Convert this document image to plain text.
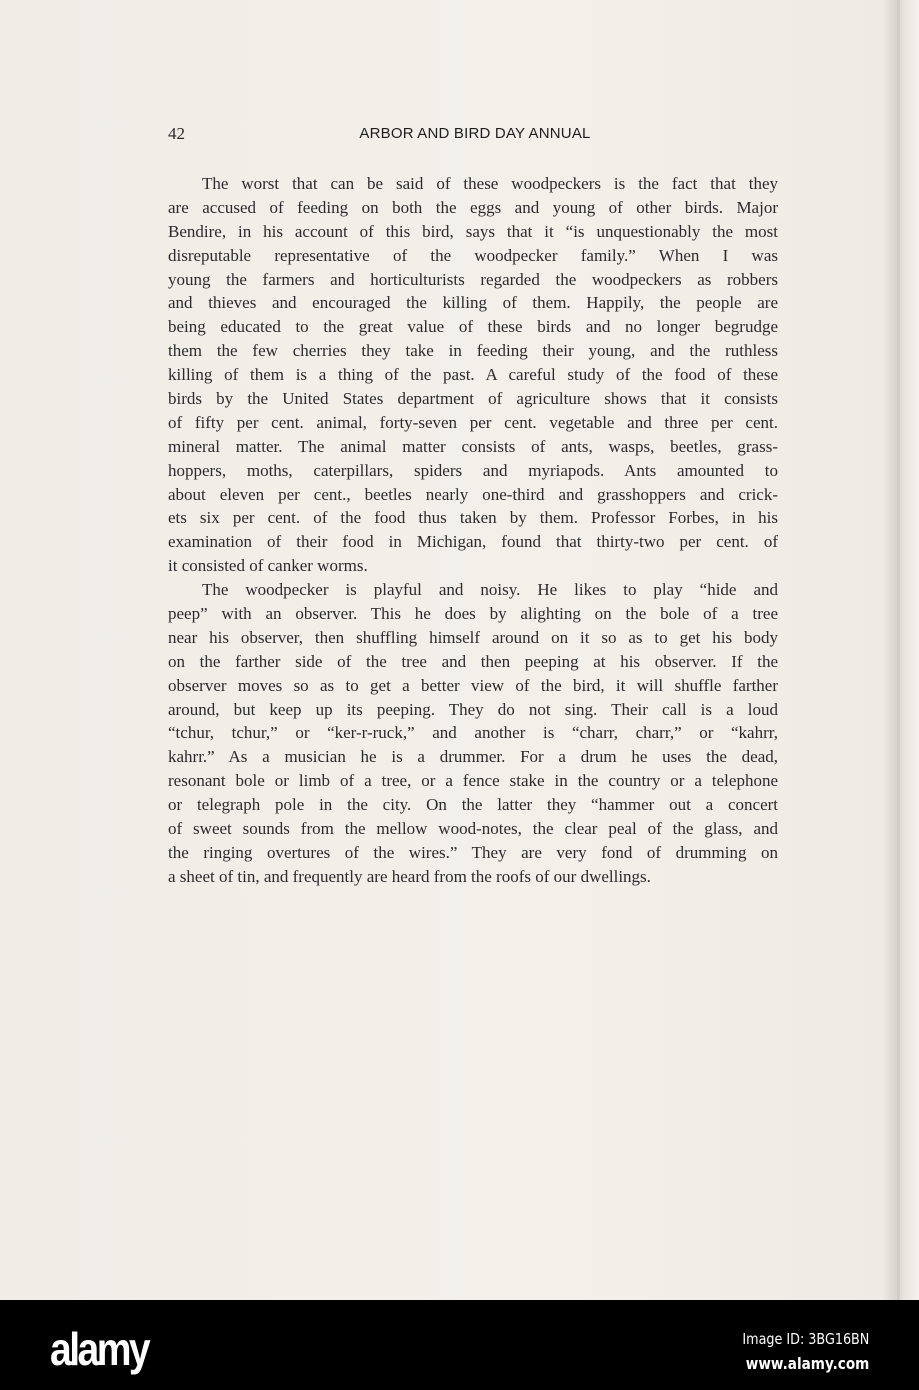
42	ARBOR AND BIRD DAY ANNUAL
The worst that can be said of these woodpeckers is the fact that they
are accused of feeding on both the eggs and young of other birds. Major
Bendire, in his account of this bird, says that it “is unquestionably the most
disreputable representative of the woodpecker family.” When I was
young the farmers and horticulturists regarded the woodpeckers as robbers
and thieves and encouraged the killing of them. Happily, the people are
being educated to the great value of these birds and no longer begrudge
them the few cherries they take in feeding their young, and the ruthless
killing of them is a thing of the past. A careful study of the food of these
birds by the United States department of agriculture shows that it consists
of fifty per cent. animal, forty-seven per cent. vegetable and three per cent.
mineral matter. The animal matter consists of ants, wasps, beetles, grass-
hoppers, moths, caterpillars, spiders and myriapods. Ants amounted to
about eleven per cent., beetles nearly one-third and grasshoppers and crick-
ets six per cent. of the food thus taken by them. Professor Forbes, in his
examination of their food in Michigan, found that thirty-two per cent. of
it consisted of canker worms.
The woodpecker is playful and noisy. He likes to play “hide and
peep” with an observer. This he does by alighting on the bole of a tree
near his observer, then shuffling himself around on it so as to get his body
on the farther side of the tree and then peeping at his observer. If the
observer moves so as to get a better view of the bird, it will shuffle farther
around, but keep up its peeping. They do not sing. Their call is a loud
“tchur, tchur,” or “ker-r-ruck,” and another is “charr, charr,” or “kahrr,
kahrr.” As a musician he is a drummer. For a drum he uses the dead,
resonant bole or limb of a tree, or a fence stake in the country or a telephone
or telegraph pole in the city. On the latter they “hammer out a concert
of sweet sounds from the mellow wood-notes, the clear peal of the glass, and
the ringing overtures of the wires.” They are very fond of drumming on
a sheet of tin, and frequently are heard from the roofs of our dwellings.
alamy	Image ID: 3BG16BN
www.alamy.com
